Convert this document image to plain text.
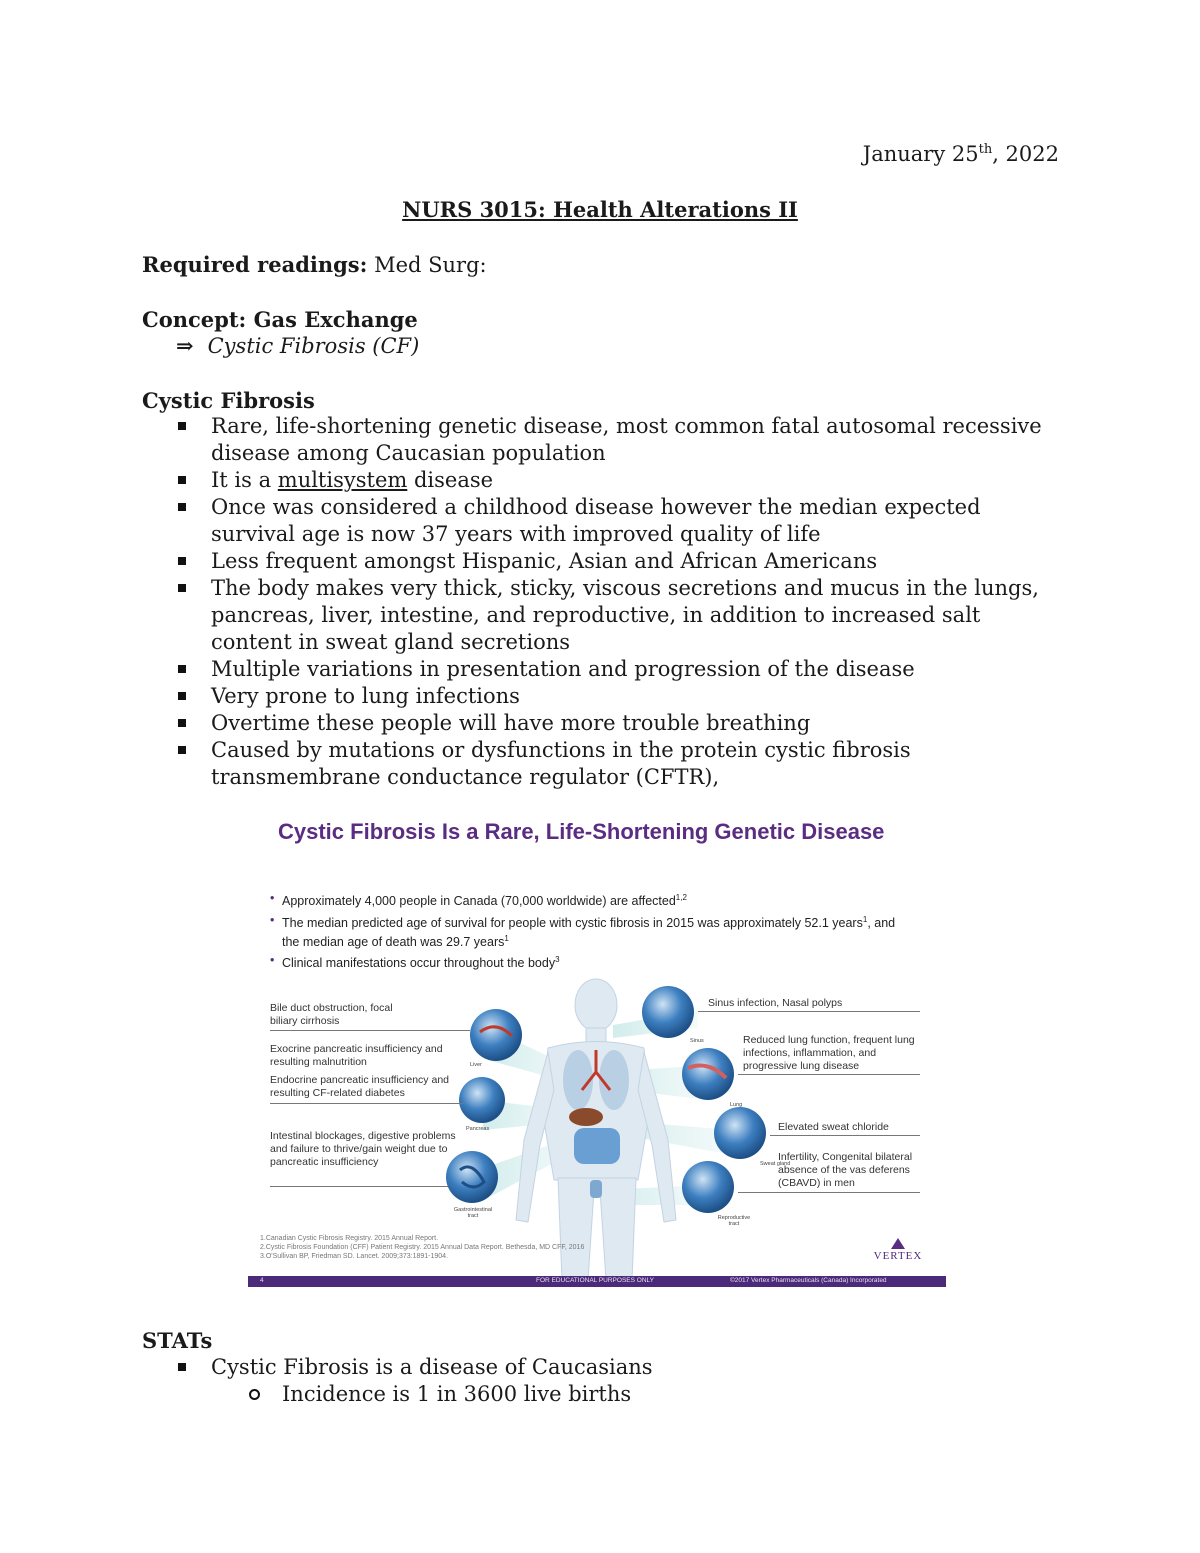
January 25th, 2022
NURS 3015: Health Alterations II
Required readings: Med Surg:
Concept: Gas Exchange
⇒ Cystic Fibrosis (CF)
Cystic Fibrosis
Rare, life-shortening genetic disease, most common fatal autosomal recessive disease among Caucasian population
It is a multisystem disease
Once was considered a childhood disease however the median expected survival age is now 37 years with improved quality of life
Less frequent amongst Hispanic, Asian and African Americans
The body makes very thick, sticky, viscous secretions and mucus in the lungs, pancreas, liver, intestine, and reproductive, in addition to increased salt content in sweat gland secretions
Multiple variations in presentation and progression of the disease
Very prone to lung infections
Overtime these people will have more trouble breathing
Caused by mutations or dysfunctions in the protein cystic fibrosis transmembrane conductance regulator (CFTR),
Cystic Fibrosis Is a Rare, Life-Shortening Genetic Disease
• Approximately 4,000 people in Canada (70,000 worldwide) are affected$^{1,2}$
• The median predicted age of survival for people with cystic fibrosis in 2015 was approximately 52.1 years$^1$, and the median age of death was 29.7 years$^1$
• Clinical manifestations occur throughout the body$^3$
Bile duct obstruction, focal biliary cirrhosis
Exocrine pancreatic insufficiency and resulting malnutrition
Endocrine pancreatic insufficiency and resulting CF-related diabetes
Intestinal blockages, digestive problems and failure to thrive/gain weight due to pancreatic insufficiency
Sinus infection, Nasal polyps
Reduced lung function, frequent lung infections, inflammation, and progressive lung disease
Elevated sweat chloride
Infertility, Congenital bilateral absence of the vas deferens (CBAVD) in men
Liver
Pancreas
Gastrointestinal tract
Sinus
Lung
Sweat gland
Reproductive tract
1.Canadian Cystic Fibrosis Registry. 2015 Annual Report.
2.Cystic Fibrosis Foundation (CFF) Patient Registry. 2015 Annual Data Report. Bethesda, MD CFF, 2016
3.O'Sullivan BP, Friedman SD. Lancet. 2009;373:1891-1904.	VERTEX
4	FOR EDUCATIONAL PURPOSES ONLY	©2017 Vertex Pharmaceuticals (Canada) Incorporated
STATs
Cystic Fibrosis is a disease of Caucasians
Incidence is 1 in 3600 live births
